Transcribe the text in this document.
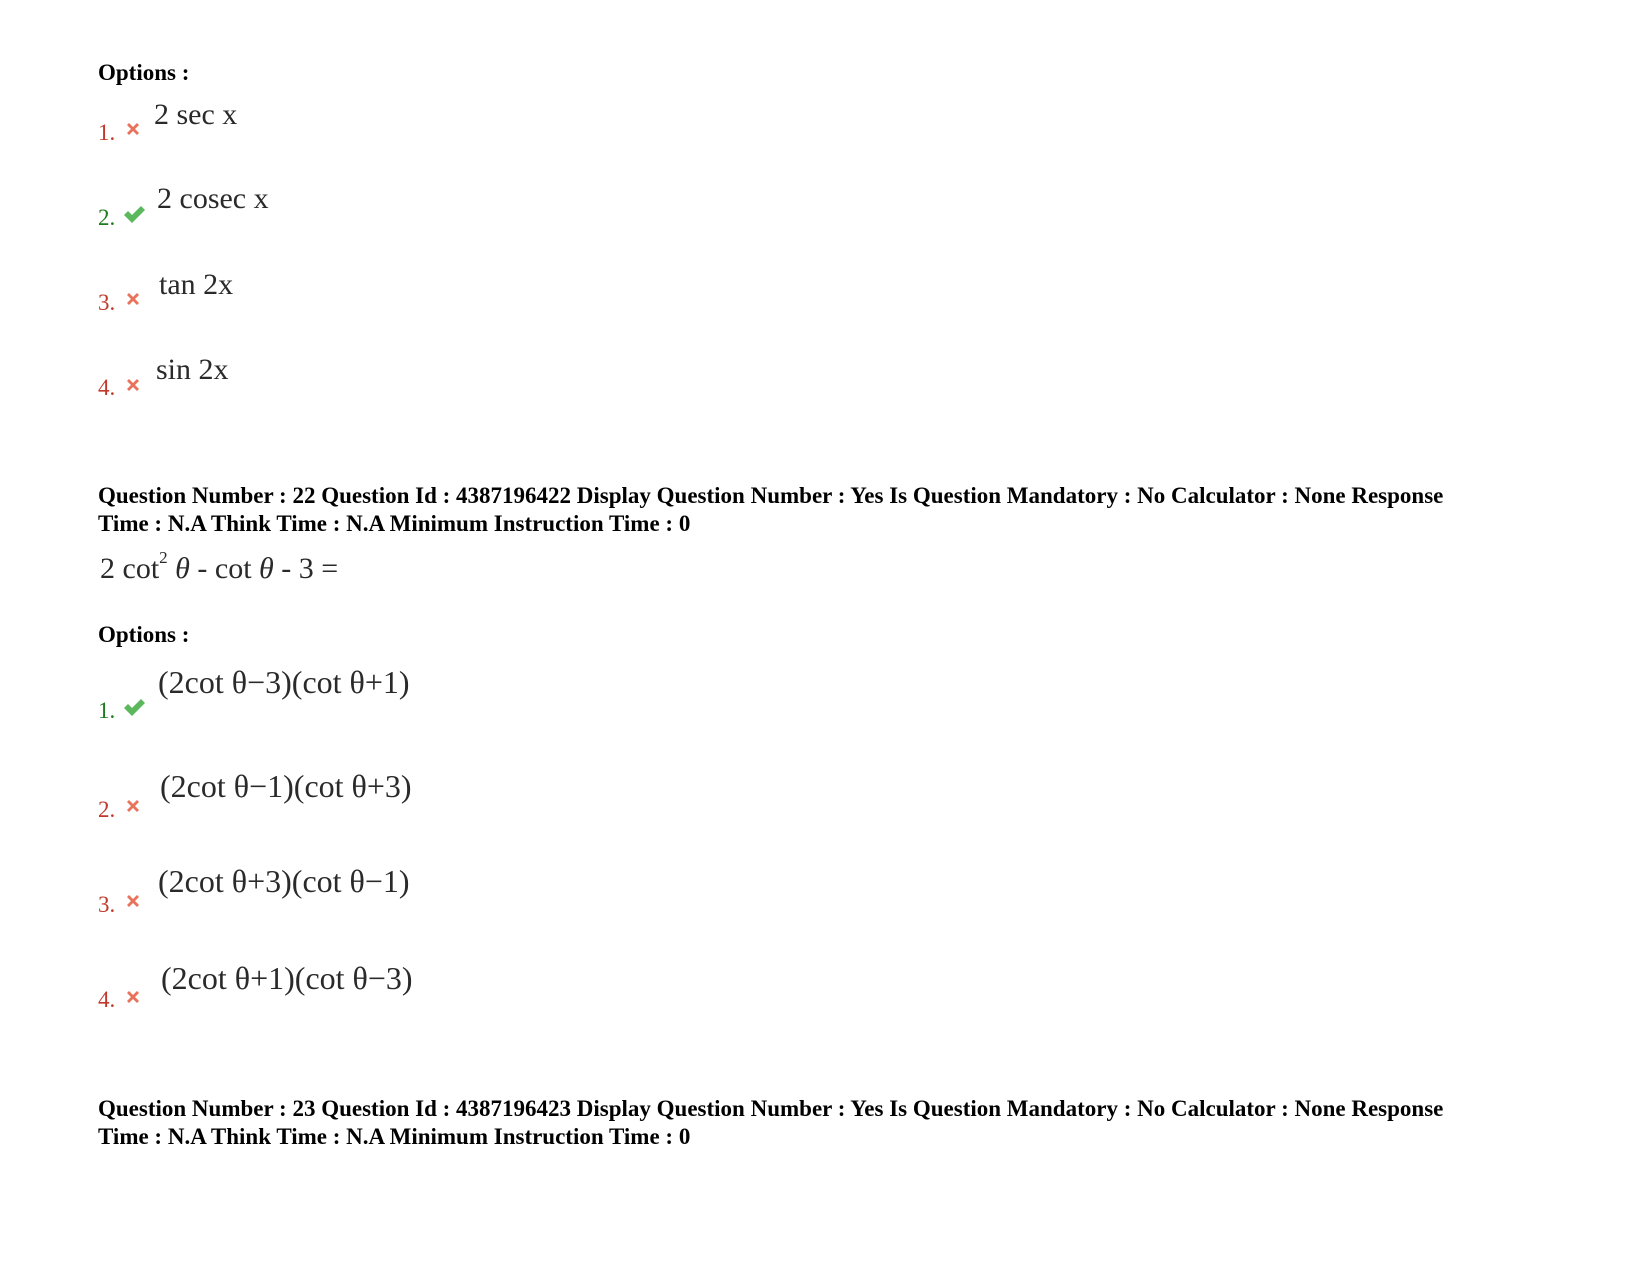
Options :
1.
2 sec x
2.
2 cosec x
3.
tan 2x
4.
sin 2x
Question Number : 22 Question Id : 4387196422 Display Question Number : Yes Is Question Mandatory : No Calculator : None Response
Time : N.A Think Time : N.A Minimum Instruction Time : 0
2 $\cot^2 \theta$ - cot θ - 3 =
Options :
1.
(2cot θ−3)(cot θ+1)
2.
(2cot θ−1)(cot θ+3)
3.
(2cot θ+3)(cot θ−1)
4.
(2cot θ+1)(cot θ−3)
Question Number : 23 Question Id : 4387196423 Display Question Number : Yes Is Question Mandatory : No Calculator : None Response
Time : N.A Think Time : N.A Minimum Instruction Time : 0
